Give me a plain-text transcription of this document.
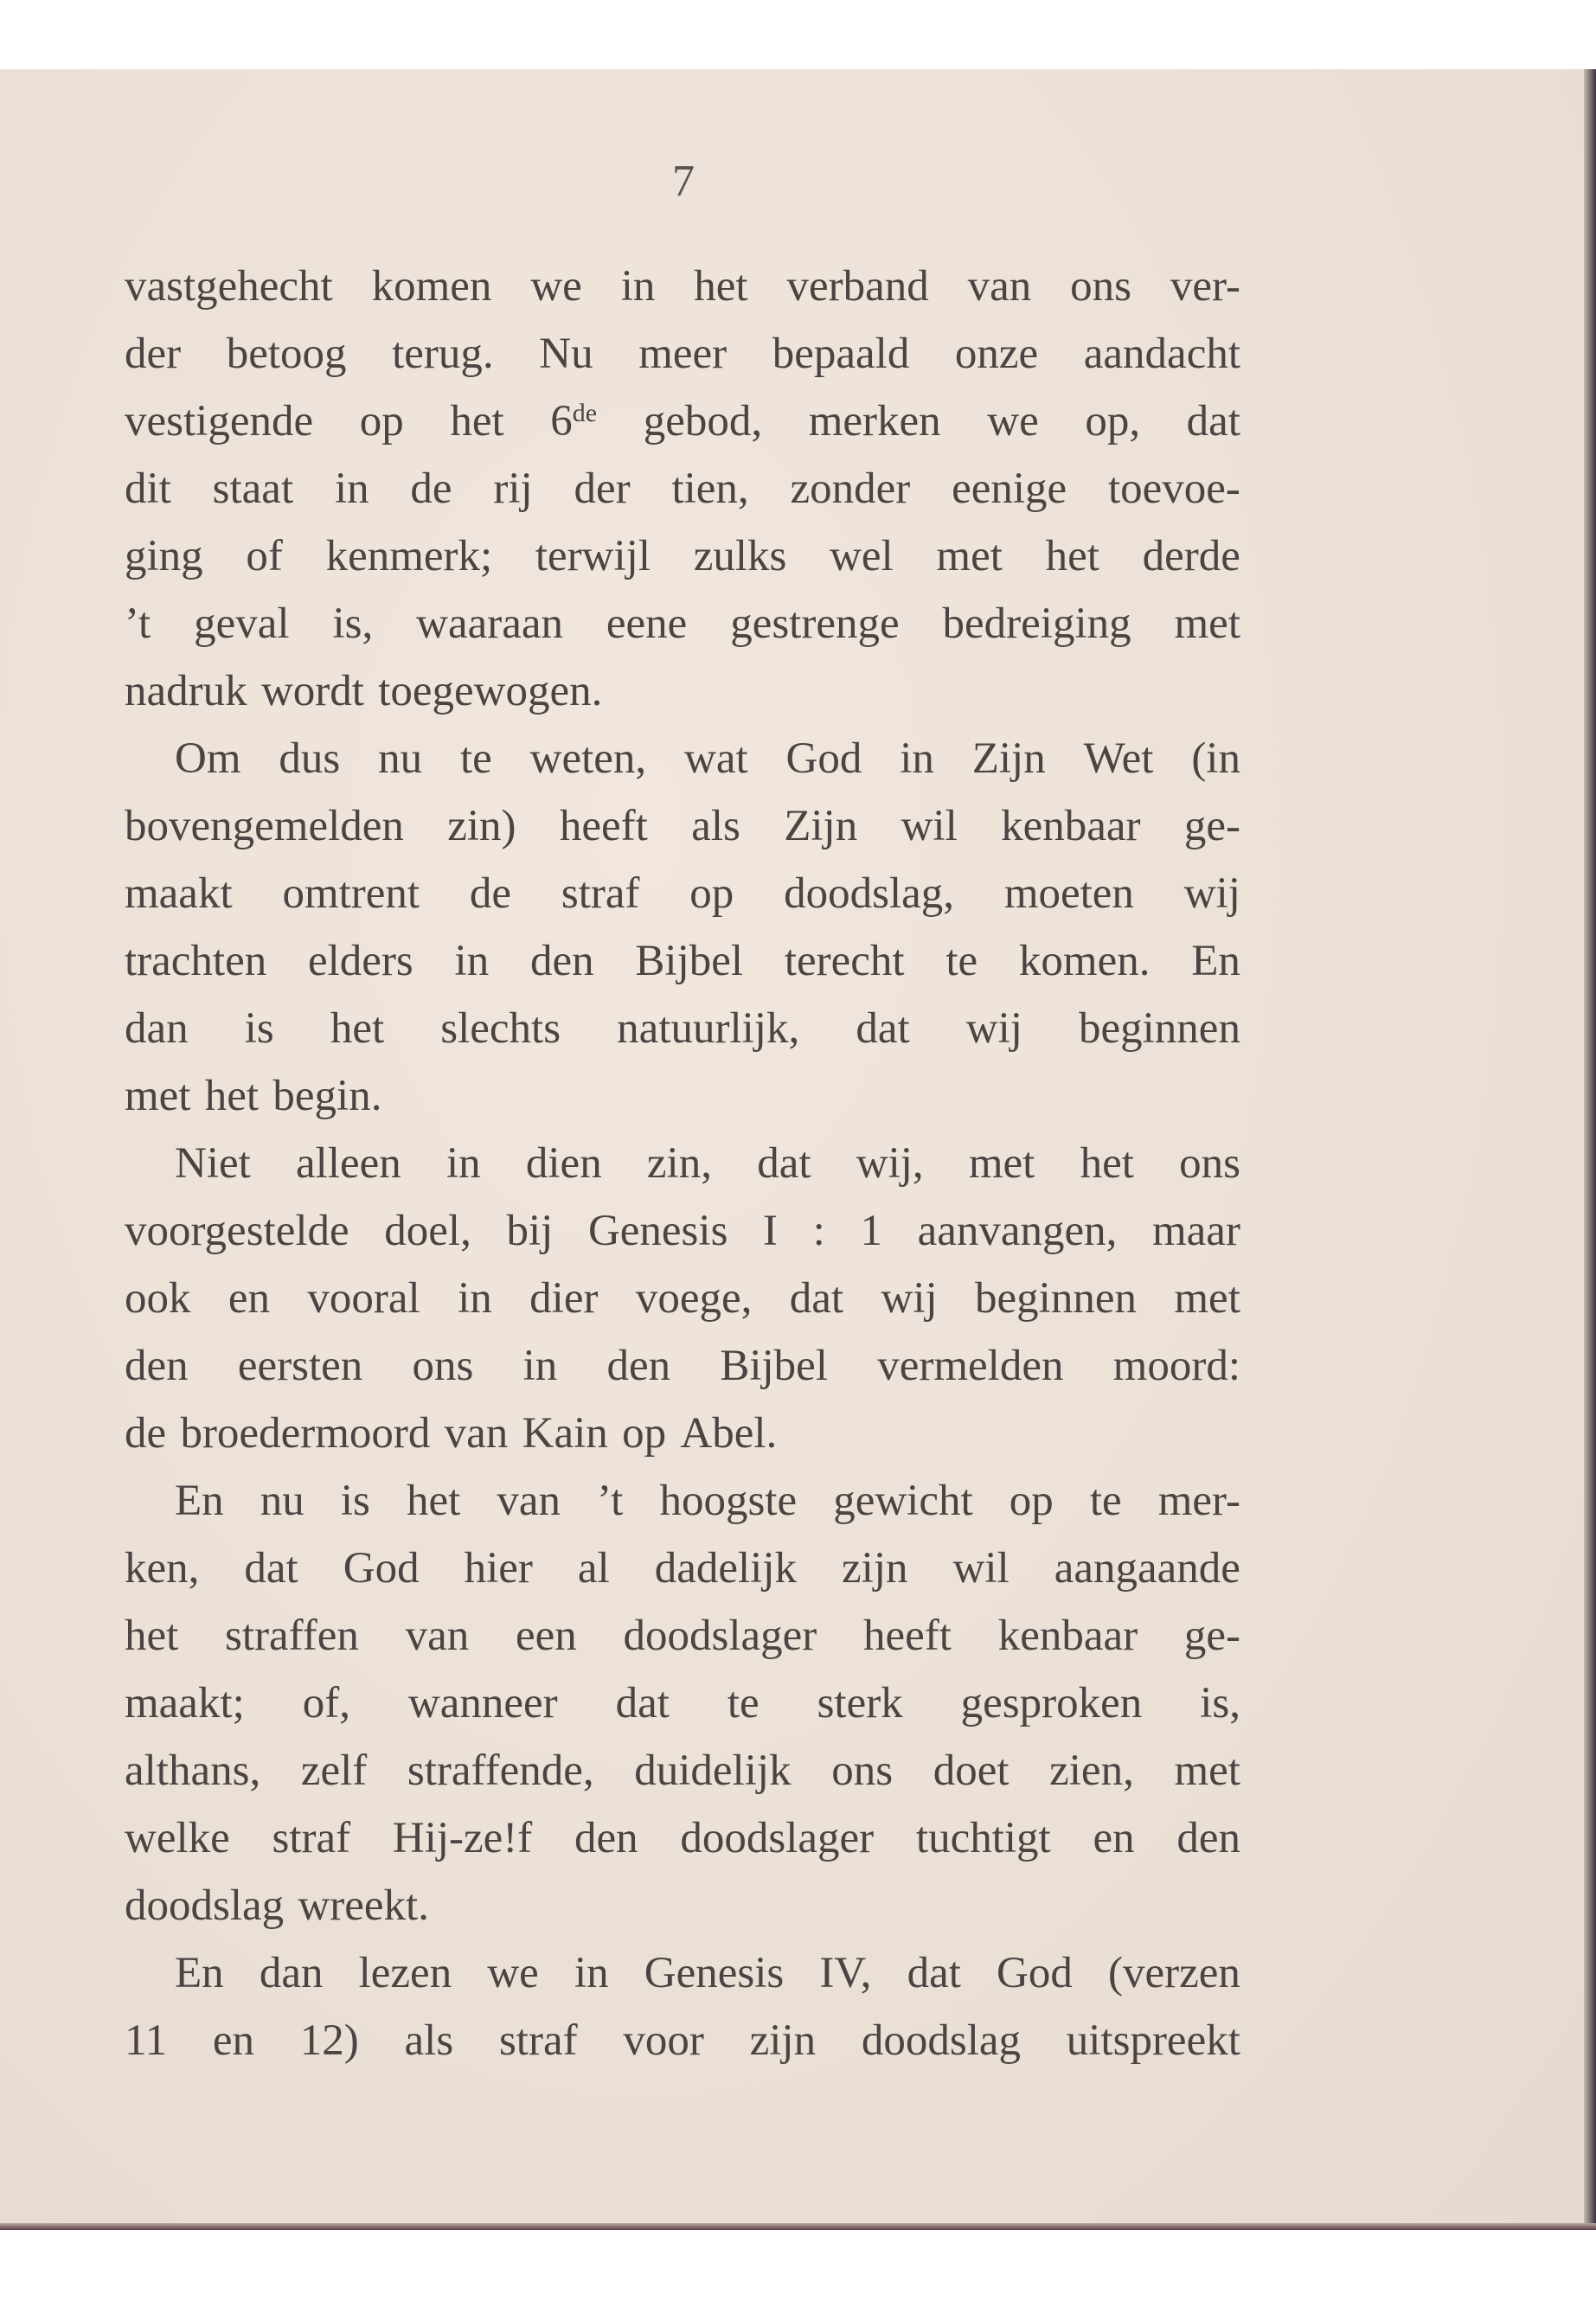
7
vastgehecht komen we in het verband van ons ver-
der betoog terug. Nu meer bepaald onze aandacht
vestigende op het 6de gebod, merken we op, dat
dit staat in de rij der tien, zonder eenige toevoe-
ging of kenmerk; terwijl zulks wel met het derde
’t geval is, waaraan eene gestrenge bedreiging met
nadruk wordt toegewogen.
Om dus nu te weten, wat God in Zijn Wet (in
bovengemelden zin) heeft als Zijn wil kenbaar ge-
maakt omtrent de straf op doodslag, moeten wij
trachten elders in den Bijbel terecht te komen. En
dan is het slechts natuurlijk, dat wij beginnen
met het begin.
Niet alleen in dien zin, dat wij, met het ons
voorgestelde doel, bij Genesis I : 1 aanvangen, maar
ook en vooral in dier voege, dat wij beginnen met
den eersten ons in den Bijbel vermelden moord:
de broedermoord van Kain op Abel.
En nu is het van ’t hoogste gewicht op te mer-
ken, dat God hier al dadelijk zijn wil aangaande
het straffen van een doodslager heeft kenbaar ge-
maakt; of, wanneer dat te sterk gesproken is,
althans, zelf straffende, duidelijk ons doet zien, met
welke straf Hij-ze!f den doodslager tuchtigt en den
doodslag wreekt.
En dan lezen we in Genesis IV, dat God (verzen
11 en 12) als straf voor zijn doodslag uitspreekt
